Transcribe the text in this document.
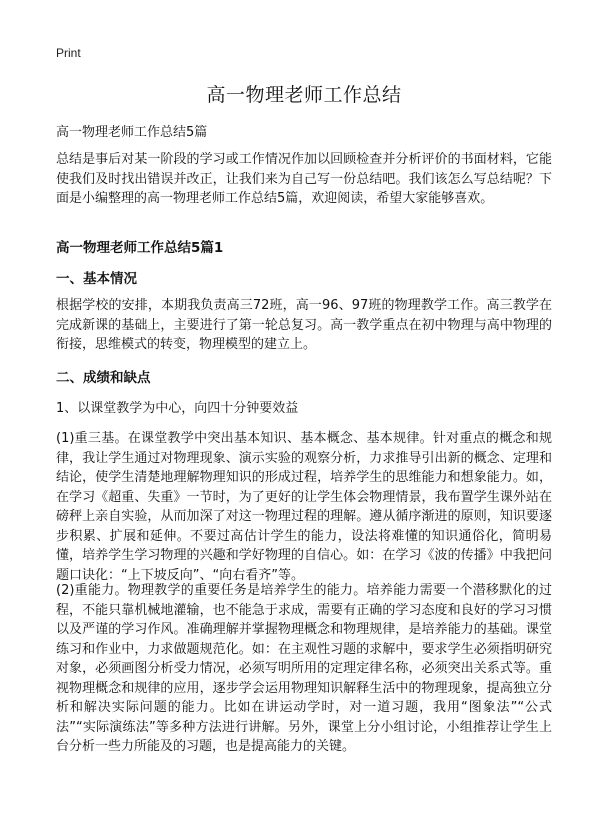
Print
高一物理老师工作总结
高一物理老师工作总结5篇

总结是事后对某一阶段的学习或工作情况作加以回顾检查并分析评价的书面材料，它能使我们及时找出错误并改正，让我们来为自己写一份总结吧。我们该怎么写总结呢？下面是小编整理的高一物理老师工作总结5篇，欢迎阅读，希望大家能够喜欢。

高一物理老师工作总结5篇1

一、基本情况

根据学校的安排，本期我负责高三72班，高一96、97班的物理教学工作。高三教学在完成新课的基础上，主要进行了第一轮总复习。高一教学重点在初中物理与高中物理的衔接，思维模式的转变，物理模型的建立上。

二、成绩和缺点

1、以课堂教学为中心，向四十分钟要效益

(1)重三基。在课堂教学中突出基本知识、基本概念、基本规律。针对重点的概念和规律，我让学生通过对物理现象、演示实验的观察分析，力求推导引出新的概念、定理和结论，使学生清楚地理解物理知识的形成过程，培养学生的思维能力和想象能力。如，在学习《超重、失重》一节时，为了更好的让学生体会物理情景，我布置学生课外站在磅秤上亲自实验，从而加深了对这一物理过程的理解。遵从循序渐进的原则，知识要逐步积累、扩展和延伸。不要过高估计学生的能力，设法将难懂的知识通俗化，简明易懂，培养学生学习物理的兴趣和学好物理的自信心。如：在学习《波的传播》中我把问题口诀化：“上下坡反向”、“向右看齐”等。

(2)重能力。物理教学的重要任务是培养学生的能力。培养能力需要一个潜移默化的过程，不能只靠机械地灌输，也不能急于求成，需要有正确的学习态度和良好的学习习惯以及严谨的学习作风。准确理解并掌握物理概念和物理规律，是培养能力的基础。课堂练习和作业中，力求做题规范化。如：在主观性习题的求解中，要求学生必须指明研究对象，必须画图分析受力情况，必须写明所用的定理定律名称，必须突出关系式等。重视物理概念和规律的应用，逐步学会运用物理知识解释生活中的物理现象，提高独立分析和解决实际问题的能力。比如在讲运动学时，对一道习题，我用“图象法”“公式法”“实际演练法”等多种方法进行讲解。另外，课堂上分小组讨论，小组推荐让学生上台分析一些力所能及的习题，也是提高能力的关键。
